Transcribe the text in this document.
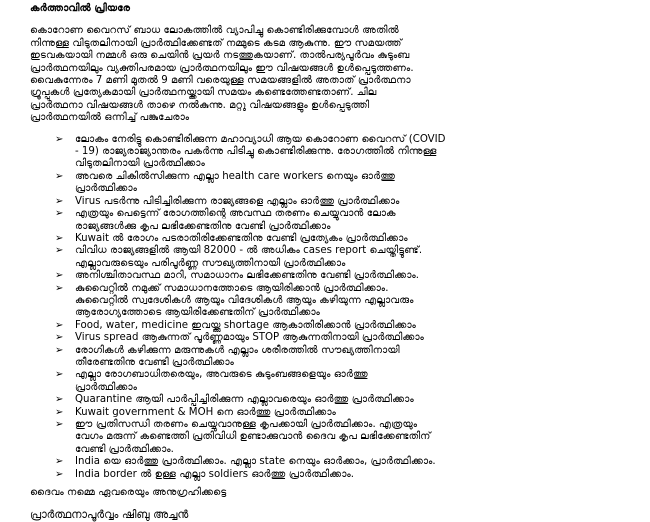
കർത്താവിൽ പ്രിയരേ

കൊറോണ വൈറസ് ബാധ ലോകത്തിൽ വ്യാപിച്ചു കൊണ്ടിരിക്കുമ്പോൾ അതിൽ
നിന്നുള്ള വിടുതലിനായി പ്രാർത്ഥിക്കേണ്ടത് നമ്മുടെ കടമ ആകുന്നു. ഈ സമയത്ത്
ഇടവകയായി നമ്മൾ ഒരു ചെയിൻ പ്രയർ നടത്തുകയാണ്. താൽപര്യപൂർവം കുടുംബ
പ്രാർത്ഥനയിലും വ്യക്തിപരമായ പ്രാർത്ഥനയിലും ഈ വിഷയങ്ങൾ ഉൾപ്പെടുത്തണം.
വൈകുന്നേരം 7 മണി മുതൽ 9 മണി വരെയുള്ള സമയങ്ങളിൽ അതാത് പ്രാർത്ഥനാ
ഗ്രൂപ്പുകൾ പ്രത്യേകമായി പ്രാർത്ഥനയ്ക്കായി സമയം കണ്ടെത്തേണ്ടതാണ്. ചില
പ്രാർത്ഥനാ വിഷയങ്ങൾ താഴെ നൽകുന്നു. മറ്റു വിഷയങ്ങളും ഉൾപ്പെടുത്തി
പ്രാർത്ഥനയിൽ ഒന്നിച്ച് പങ്കുചേരാം
➢	ലോകം നേരിട്ടു കൊണ്ടിരിക്കുന്ന മഹാവ്യാധി ആയ കൊറോണ വൈറസ് (COVID
- 19) രാജ്യരാജ്യാന്തരം പകർന്നു പിടിച്ചു കൊണ്ടിരിക്കുന്നു. രോഗത്തിൽ നിന്നുള്ള
വിടുതലിനായി പ്രാർത്ഥിക്കാം
➢	അവരെ ചികിൽസിക്കുന്ന എല്ലാ health care workers നെയും ഓർത്തു
പ്രാർത്ഥിക്കാം
➢	Virus പടർന്നു പിടിച്ചിരിക്കുന്ന രാജ്യങ്ങളെ എല്ലാം ഓർത്തു പ്രാർത്ഥിക്കാം
➢	എത്രയും പെട്ടെന്ന് രോഗത്തിന്റെ അവസ്ഥ തരണം ചെയ്യുവാൻ ലോക
രാജ്യങ്ങൾക്കു കൃപ ലഭിക്കേണ്ടതിനു വേണ്ടി പ്രാർത്ഥിക്കാം
➢	Kuwait ൽ രോഗം പടരാതിരിക്കേണ്ടതിനു വേണ്ടി പ്രത്യേകം പ്രാർത്ഥിക്കാം
➢	വിവിധ രാജ്യങ്ങളിൽ ആയി 82000 - ൽ അധികം cases report ചെയ്തിട്ടുണ്ട്.
എല്ലാവരുടെയും പരിപൂർണ്ണ സൗഖ്യത്തിനായി പ്രാർത്ഥിക്കാം
➢	അനിശ്ചിതാവസ്ഥ മാറി, സമാധാനം ലഭിക്കേണ്ടതിനു വേണ്ടി പ്രാർത്ഥിക്കാം.
➢	കുവൈറ്റിൽ നമുക്ക് സമാധാനത്തോടെ ആയിരിക്കാൻ പ്രാർത്ഥിക്കാം.
കുവൈറ്റിൽ സ്വദേശികൾ ആയും വിദേശികൾ ആയും കഴിയുന്ന എല്ലാവരും
ആരോഗ്യത്തോടെ ആയിരിക്കേണ്ടതിന് പ്രാർത്ഥിക്കാം
➢	Food, water, medicine ഇവയ്ക്കു shortage ആകാതിരിക്കാൻ പ്രാർത്ഥിക്കാം
➢	Virus spread ആകുന്നത് പൂർണ്ണമായും STOP ആകുന്നതിനായി പ്രാർത്ഥിക്കാം
➢	രോഗികൾ കഴിക്കുന്ന മരുന്നുകൾ എല്ലാം ശരീരത്തിൽ സൗഖ്യത്തിനായി
തീരേണ്ടതിനു വേണ്ടി പ്രാർത്ഥിക്കാം
➢	എല്ലാ രോഗബാധിതരെയും, അവരുടെ കുടുംബങ്ങളെയും ഓർത്തു
പ്രാർത്ഥിക്കാം
➢	Quarantine ആയി പാർപ്പിച്ചിരിക്കുന്ന എല്ലാവരെയും ഓർത്തു പ്രാർത്ഥിക്കാം
➢	Kuwait government & MOH നെ ഓർത്തു പ്രാർത്ഥിക്കാം
➢	ഈ പ്രതിസന്ധി തരണം ചെയ്യുവാനുള്ള കൃപക്കായി പ്രാർത്ഥിക്കാം. എത്രയും
വേഗം മരുന്ന് കണ്ടെത്തി പ്രതിവിധി ഉണ്ടാക്കുവാൻ ദൈവ കൃപ ലഭിക്കേണ്ടതിന്
വേണ്ടി പ്രാർത്ഥിക്കാം.
➢	India യെ ഓർത്തു പ്രാർത്ഥിക്കാം. എല്ലാ state നെയും ഓർക്കാം, പ്രാർത്ഥിക്കാം.
➢	India border ൽ ഉള്ള എല്ലാ soldiers ഓർത്തു പ്രാർത്ഥിക്കാം.

ദൈവം നമ്മെ ഏവരെയും അനുഗ്രഹിക്കട്ടെ

പ്രാർത്ഥനാപൂർവ്വം ഷിബു അച്ചൻ
